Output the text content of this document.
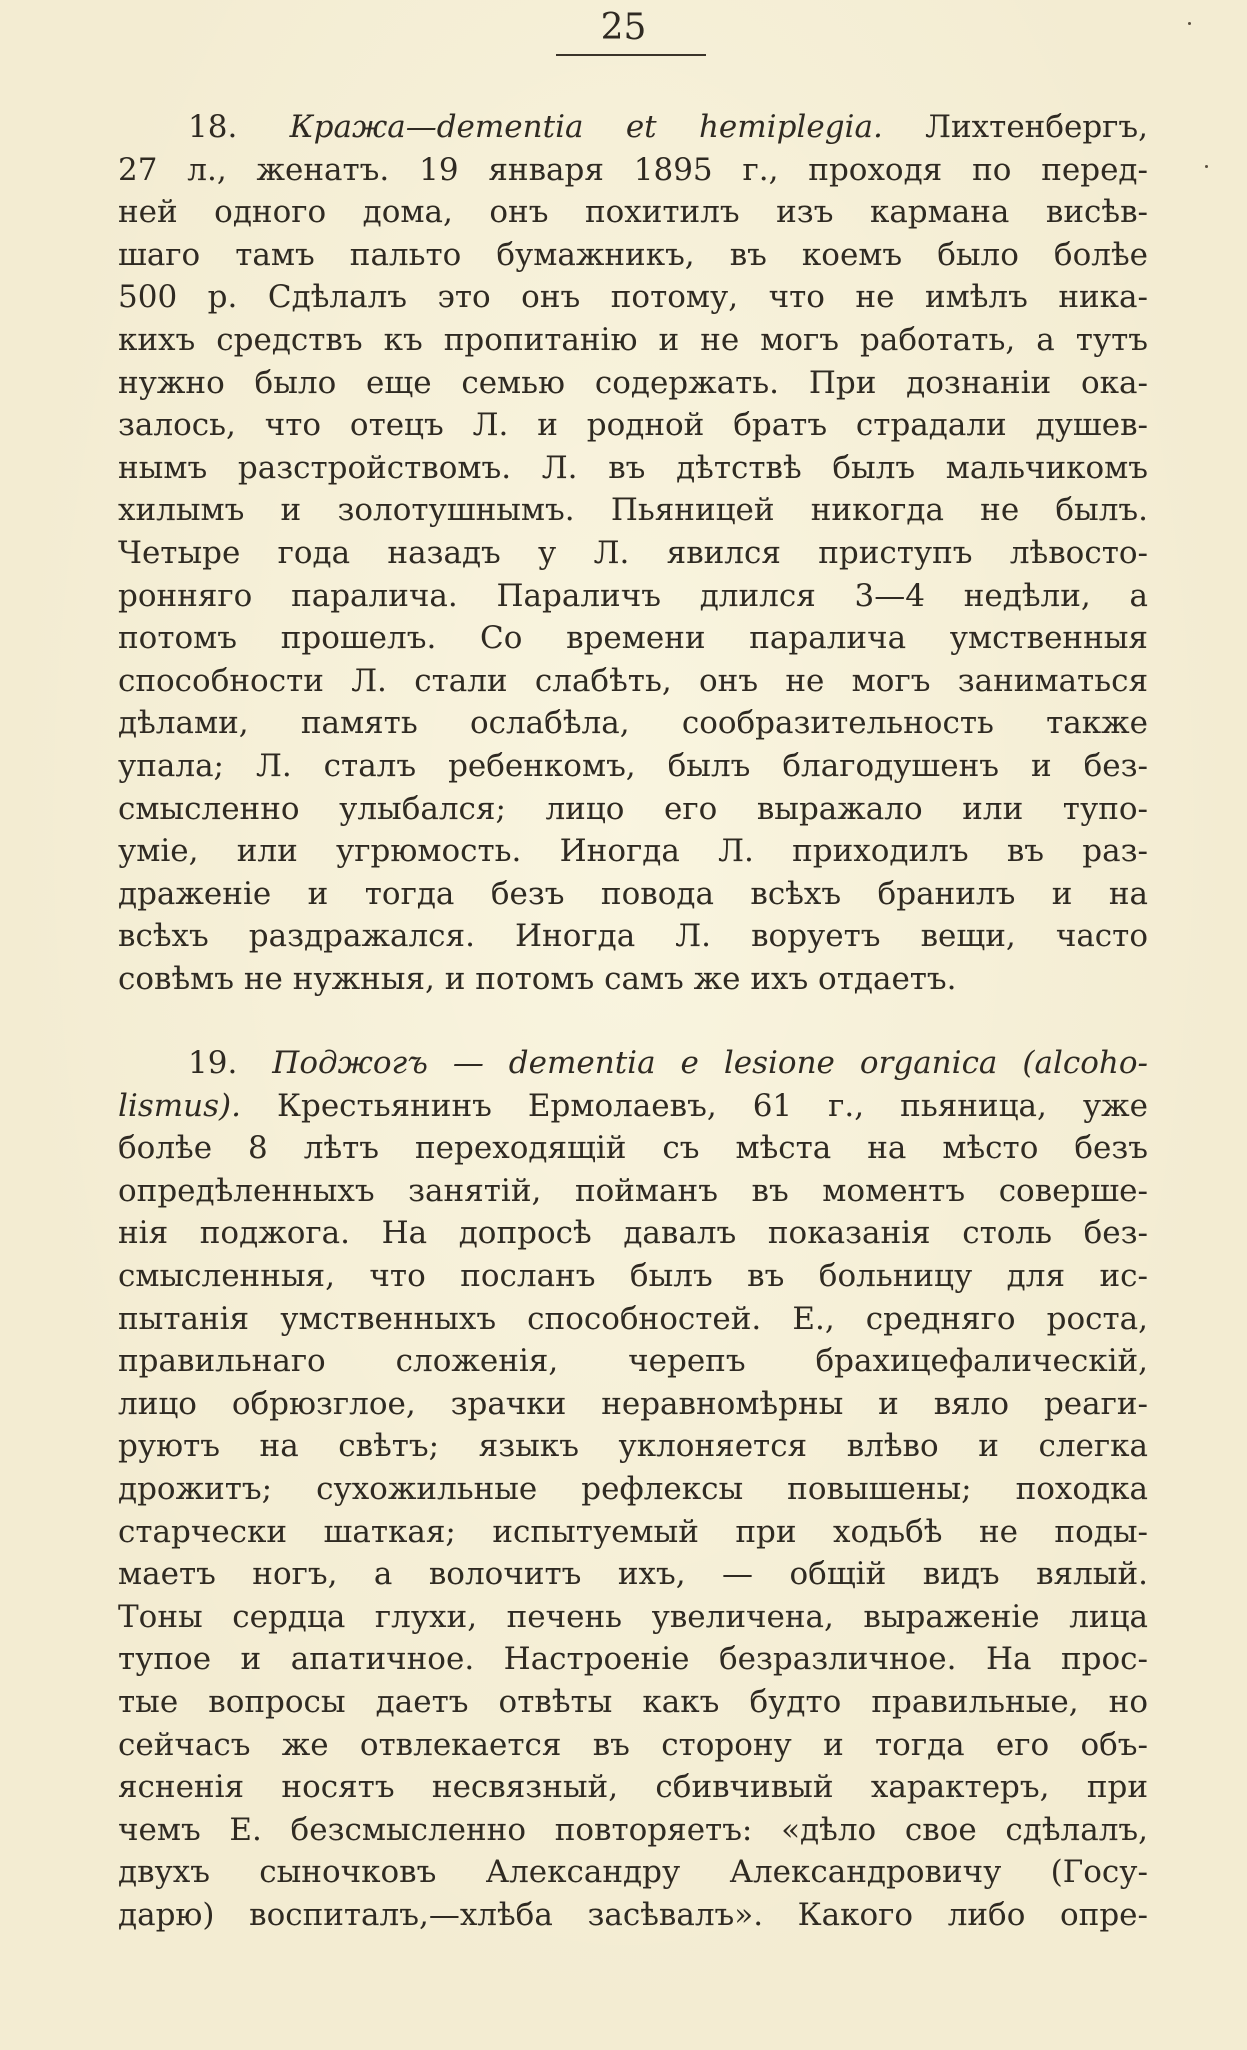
25
18. Кража—dementia et hemiplegia. Лихтенбергъ,
27 л., женатъ. 19 января 1895 г., проходя по перед-
ней одного дома, онъ похитилъ изъ кармана висѣв-
шаго тамъ пальто бумажникъ, въ коемъ было болѣе
500 р. Сдѣлалъ это онъ потому, что не имѣлъ ника-
кихъ средствъ къ пропитанію и не могъ работать, а тутъ
нужно было еще семью содержать. При дознаніи ока-
залось, что отецъ Л. и родной братъ страдали душев-
нымъ разстройствомъ. Л. въ дѣтствѣ былъ мальчикомъ
хилымъ и золотушнымъ. Пьяницей никогда не былъ.
Четыре года назадъ у Л. явился приступъ лѣвосто-
ронняго паралича. Параличъ длился 3—4 недѣли, а
потомъ прошелъ. Со времени паралича умственныя
способности Л. стали слабѣть, онъ не могъ заниматься
дѣлами, память ослабѣла, сообразительность также
упала; Л. сталъ ребенкомъ, былъ благодушенъ и без-
смысленно улыбался; лицо его выражало или тупо-
уміе, или угрюмость. Иногда Л. приходилъ въ раз-
драженіе и тогда безъ повода всѣхъ бранилъ и на
всѣхъ раздражался. Иногда Л. воруетъ вещи, часто
совѣмъ не нужныя, и потомъ самъ же ихъ отдаетъ.
19. Поджогъ — dementia e lesione organica (alcoho-
lismus). Крестьянинъ Ермолаевъ, 61 г., пьяница, уже
болѣе 8 лѣтъ переходящій съ мѣста на мѣсто безъ
опредѣленныхъ занятій, пойманъ въ моментъ соверше-
нія поджога. На допросѣ давалъ показанія столь без-
смысленныя, что посланъ былъ въ больницу для ис-
пытанія умственныхъ способностей. Е., средняго роста,
правильнаго сложенія, черепъ брахицефалическій,
лицо обрюзглое, зрачки неравномѣрны и вяло реаги-
руютъ на свѣтъ; языкъ уклоняется влѣво и слегка
дрожитъ; сухожильные рефлексы повышены; походка
старчески шаткая; испытуемый при ходьбѣ не поды-
маетъ ногъ, а волочитъ ихъ, — общій видъ вялый.
Тоны сердца глухи, печень увеличена, выраженіе лица
тупое и апатичное. Настроеніе безразличное. На прос-
тые вопросы даетъ отвѣты какъ будто правильные, но
сейчасъ же отвлекается въ сторону и тогда его объ-
ясненія носятъ несвязный, сбивчивый характеръ, при
чемъ Е. безсмысленно повторяетъ: «дѣло свое сдѣлалъ,
двухъ сыночковъ Александру Александровичу (Госу-
дарю) воспиталъ,—хлѣба засѣвалъ». Какого либо опре-
